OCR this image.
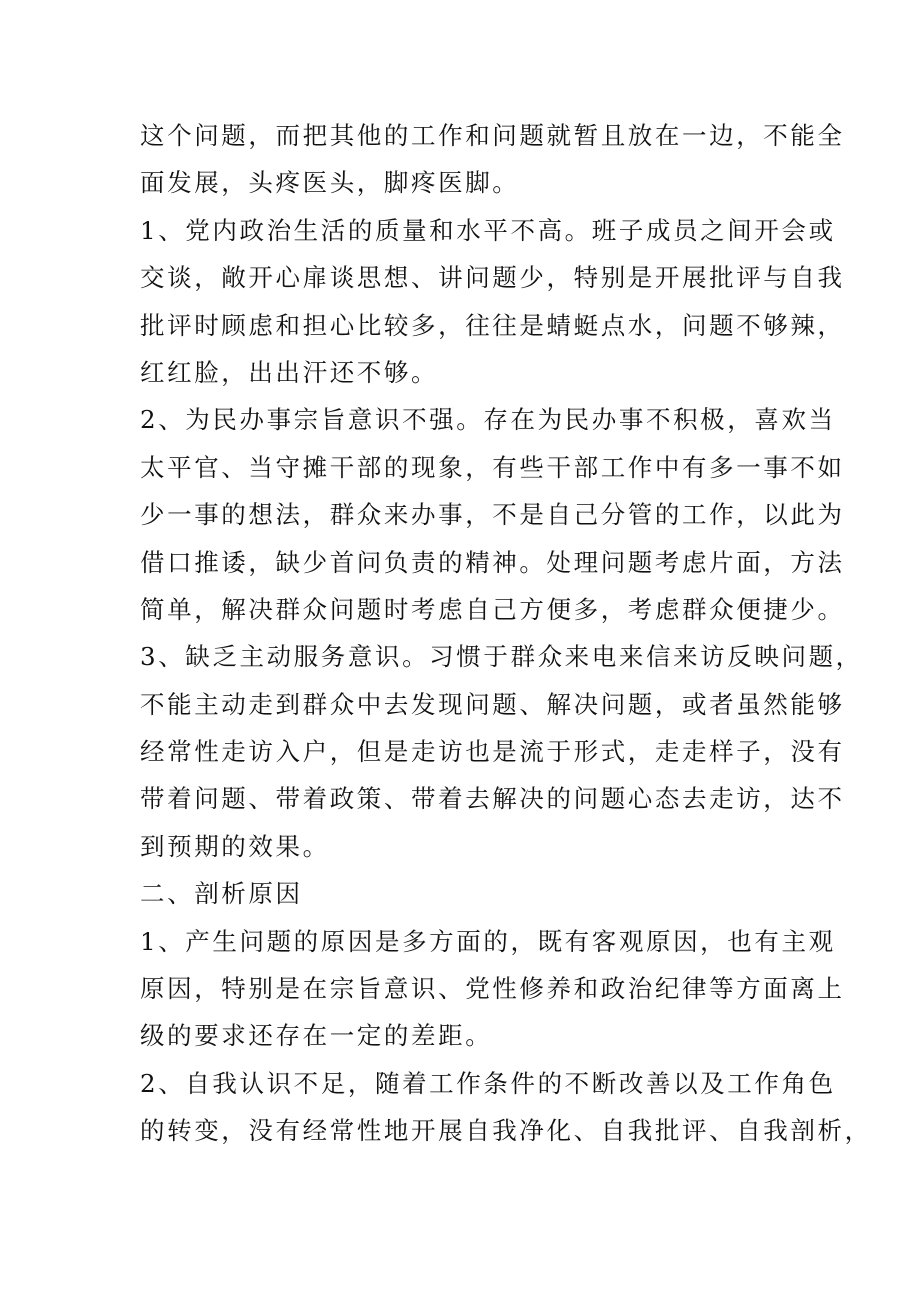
这个问题，而把其他的工作和问题就暂且放在一边，不能全
面发展，头疼医头，脚疼医脚。
1、党内政治生活的质量和水平不高。班子成员之间开会或
交谈，敞开心扉谈思想、讲问题少，特别是开展批评与自我
批评时顾虑和担心比较多，往往是蜻蜓点水，问题不够辣，
红红脸，出出汗还不够。
2、为民办事宗旨意识不强。存在为民办事不积极，喜欢当
太平官、当守摊干部的现象，有些干部工作中有多一事不如
少一事的想法，群众来办事，不是自己分管的工作，以此为
借口推诿，缺少首问负责的精神。处理问题考虑片面，方法
简单，解决群众问题时考虑自己方便多，考虑群众便捷少。
3、缺乏主动服务意识。习惯于群众来电来信来访反映问题，
不能主动走到群众中去发现问题、解决问题，或者虽然能够
经常性走访入户，但是走访也是流于形式，走走样子，没有
带着问题、带着政策、带着去解决的问题心态去走访，达不
到预期的效果。
二、剖析原因
1、产生问题的原因是多方面的，既有客观原因，也有主观
原因，特别是在宗旨意识、党性修养和政治纪律等方面离上
级的要求还存在一定的差距。
2、自我认识不足，随着工作条件的不断改善以及工作角色
的转变，没有经常性地开展自我净化、自我批评、自我剖析，
